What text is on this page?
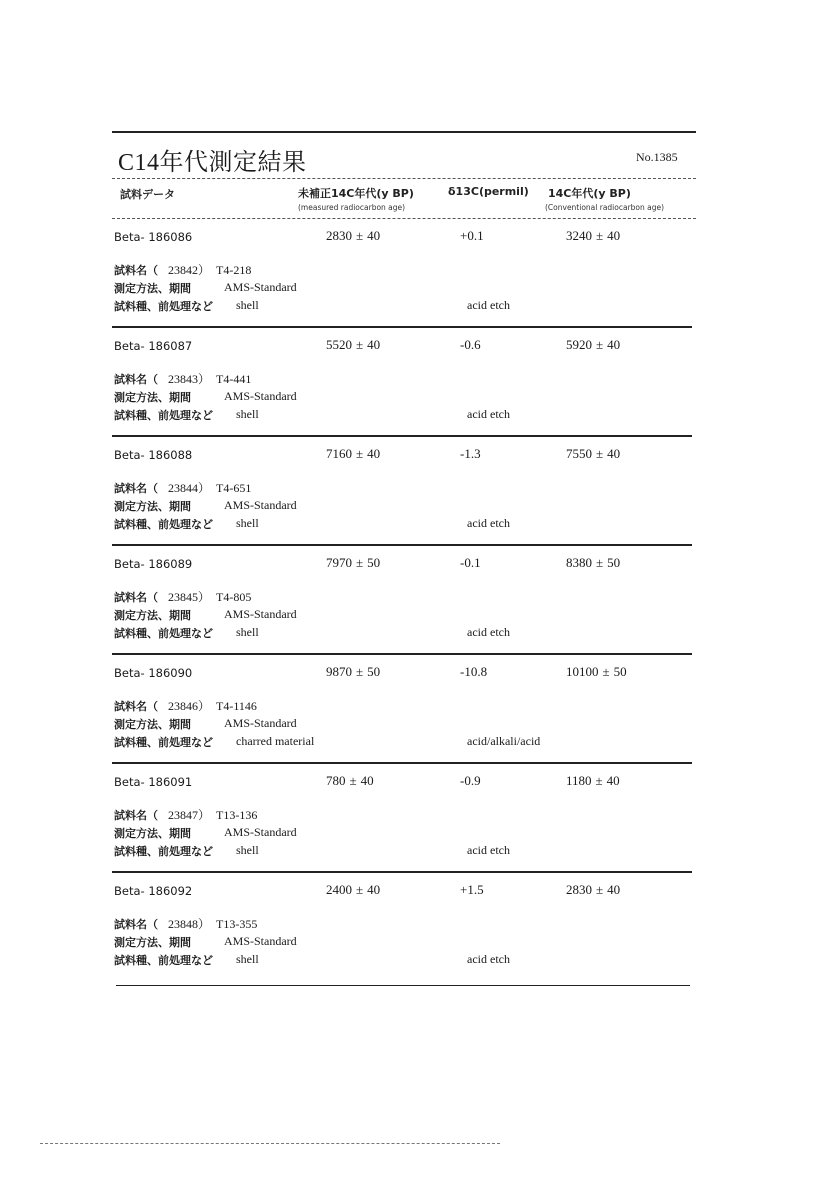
C14年代測定結果	No.1385
試料データ	未補正14C年代(y BP)
(measured radiocarbon age)
δ13C(permil) 14C年代(y BP)
(Conventional radiocarbon age)
Beta- 186086	2830 ± 40	+0.1	3240 ± 40
試料名（ 23842） T4-218
測定方法、期間	AMS-Standard
試料種、前処理など shell	acid etch
Beta- 186087	5520 ± 40	-0.6	5920 ± 40
試料名（ 23843） T4-441
測定方法、期間	AMS-Standard
試料種、前処理など shell	acid etch
Beta- 186088	7160 ± 40	-1.3	7550 ± 40
試料名（ 23844） T4-651
測定方法、期間	AMS-Standard
試料種、前処理など shell	acid etch
Beta- 186089	7970 ± 50	-0.1	8380 ± 50
試料名（ 23845） T4-805
測定方法、期間	AMS-Standard
試料種、前処理など shell	acid etch
Beta- 186090	9870 ± 50	-10.8	10100 ± 50
試料名（ 23846） T4-1146
測定方法、期間	AMS-Standard
試料種、前処理など charred material	acid/alkali/acid
Beta- 186091	780 ± 40	-0.9	1180 ± 40
試料名（ 23847） T13-136
測定方法、期間	AMS-Standard
試料種、前処理など shell	acid etch
Beta- 186092	2400 ± 40	+1.5	2830 ± 40
試料名（ 23848） T13-355
測定方法、期間	AMS-Standard
試料種、前処理など shell	acid etch
